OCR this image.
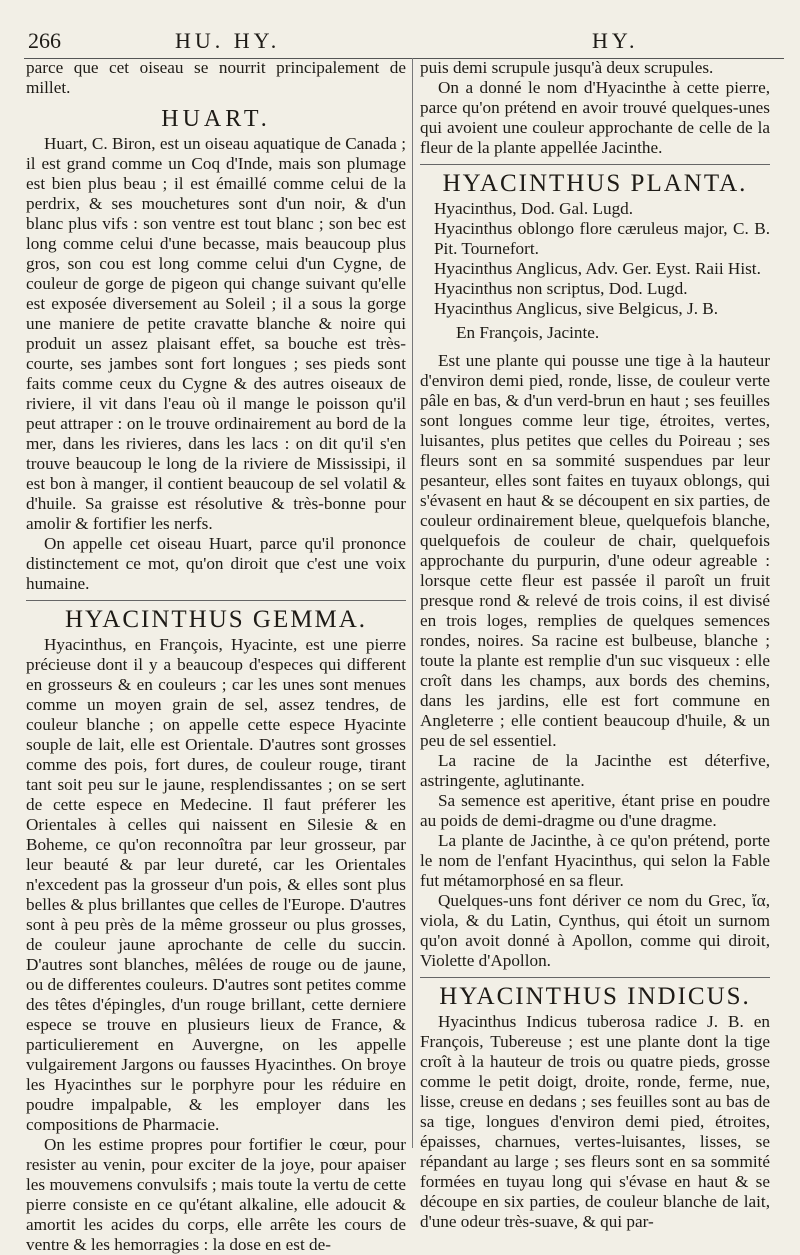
266	HU. HY.	HY.

parce que cet oiseau se nourrit principalement de millet.

HUART.

Huart, C. Biron, est un oiseau aquatique de Canada ; il est grand comme un Coq d'Inde, mais son plumage est bien plus beau ; il est émaillé comme celui de la perdrix, & ses mouchetures sont d'un noir, & d'un blanc plus vifs : son ventre est tout blanc ; son bec est long comme celui d'une becasse, mais beaucoup plus gros, son cou est long comme celui d'un Cygne, de couleur de gorge de pigeon qui change suivant qu'elle est exposée diversement au Soleil ; il a sous la gorge une maniere de petite cravatte blanche & noire qui produit un assez plaisant effet, sa bouche est très-courte, ses jambes sont fort longues ; ses pieds sont faits comme ceux du Cygne & des autres oiseaux de riviere, il vit dans l'eau où il mange le poisson qu'il peut attraper : on le trouve ordinairement au bord de la mer, dans les rivieres, dans les lacs : on dit qu'il s'en trouve beaucoup le long de la riviere de Mississipi, il est bon à manger, il contient beaucoup de sel volatil & d'huile. Sa graisse est résolutive & très-bonne pour amolir & fortifier les nerfs.

On appelle cet oiseau Huart, parce qu'il prononce distinctement ce mot, qu'on diroit que c'est une voix humaine.

HYACINTHUS GEMMA.

Hyacinthus, en François, Hyacinte, est une pierre précieuse dont il y a beaucoup d'especes qui different en grosseurs & en couleurs ; car les unes sont menues comme un moyen grain de sel, assez tendres, de couleur blanche ; on appelle cette espece Hyacinte souple de lait, elle est Orientale. D'autres sont grosses comme des pois, fort dures, de couleur rouge, tirant tant soit peu sur le jaune, resplendissantes ; on se sert de cette espece en Medecine. Il faut préferer les Orientales à celles qui naissent en Silesie & en Boheme, ce qu'on reconnoîtra par leur grosseur, par leur beauté & par leur dureté, car les Orientales n'excedent pas la grosseur d'un pois, & elles sont plus belles & plus brillantes que celles de l'Europe. D'autres sont à peu près de la même grosseur ou plus grosses, de couleur jaune aprochante de celle du succin. D'autres sont blanches, mêlées de rouge ou de jaune, ou de differentes couleurs. D'autres sont petites comme des têtes d'épingles, d'un rouge brillant, cette derniere espece se trouve en plusieurs lieux de France, & particulierement en Auvergne, on les appelle vulgairement Jargons ou fausses Hyacinthes. On broye les Hyacinthes sur le porphyre pour les réduire en poudre impalpable, & les employer dans les compositions de Pharmacie.

On les estime propres pour fortifier le cœur, pour resister au venin, pour exciter de la joye, pour apaiser les mouvemens convulsifs ; mais toute la vertu de cette pierre consiste en ce qu'étant alkaline, elle adoucit & amortit les acides du corps, elle arrête les cours de ventre & les hemorragies : la dose en est de-

puis demi scrupule jusqu'à deux scrupules.

On a donné le nom d'Hyacinthe à cette pierre, parce qu'on prétend en avoir trouvé quelques-unes qui avoient une couleur approchante de celle de la fleur de la plante appellée Jacinthe.

HYACINTHUS PLANTA.

Hyacinthus, Dod. Gal. Lugd.

Hyacinthus oblongo flore cæruleus major, C. B. Pit. Tournefort.

Hyacinthus Anglicus, Adv. Ger. Eyst. Raii Hist.

Hyacinthus non scriptus, Dod. Lugd.

Hyacinthus Anglicus, sive Belgicus, J. B.

En François, Jacinte.

Est une plante qui pousse une tige à la hauteur d'environ demi pied, ronde, lisse, de couleur verte pâle en bas, & d'un verd-brun en haut ; ses feuilles sont longues comme leur tige, étroites, vertes, luisantes, plus petites que celles du Poireau ; ses fleurs sont en sa sommité suspendues par leur pesanteur, elles sont faites en tuyaux oblongs, qui s'évasent en haut & se découpent en six parties, de couleur ordinairement bleue, quelquefois blanche, quelquefois de couleur de chair, quelquefois approchante du purpurin, d'une odeur agreable : lorsque cette fleur est passée il paroît un fruit presque rond & relevé de trois coins, il est divisé en trois loges, remplies de quelques semences rondes, noires. Sa racine est bulbeuse, blanche ; toute la plante est remplie d'un suc visqueux : elle croît dans les champs, aux bords des chemins, dans les jardins, elle est fort commune en Angleterre ; elle contient beaucoup d'huile, & un peu de sel essentiel.

La racine de la Jacinthe est déterfive, astringente, aglutinante.

Sa semence est aperitive, étant prise en poudre au poids de demi-dragme ou d'une dragme.

La plante de Jacinthe, à ce qu'on prétend, porte le nom de l'enfant Hyacinthus, qui selon la Fable fut métamorphosé en sa fleur.

Quelques-uns font dériver ce nom du Grec, ἴα, viola, & du Latin, Cynthus, qui étoit un surnom qu'on avoit donné à Apollon, comme qui diroit, Violette d'Apollon.

HYACINTHUS INDICUS.

Hyacinthus Indicus tuberosa radice J. B. en François, Tubereuse ; est une plante dont la tige croît à la hauteur de trois ou quatre pieds, grosse comme le petit doigt, droite, ronde, ferme, nue, lisse, creuse en dedans ; ses feuilles sont au bas de sa tige, longues d'environ demi pied, étroites, épaisses, charnues, vertes-luisantes, lisses, se répandant au large ; ses fleurs sont en sa sommité formées en tuyau long qui s'évase en haut & se découpe en six parties, de couleur blanche de lait, d'une odeur très-suave, & qui par-
